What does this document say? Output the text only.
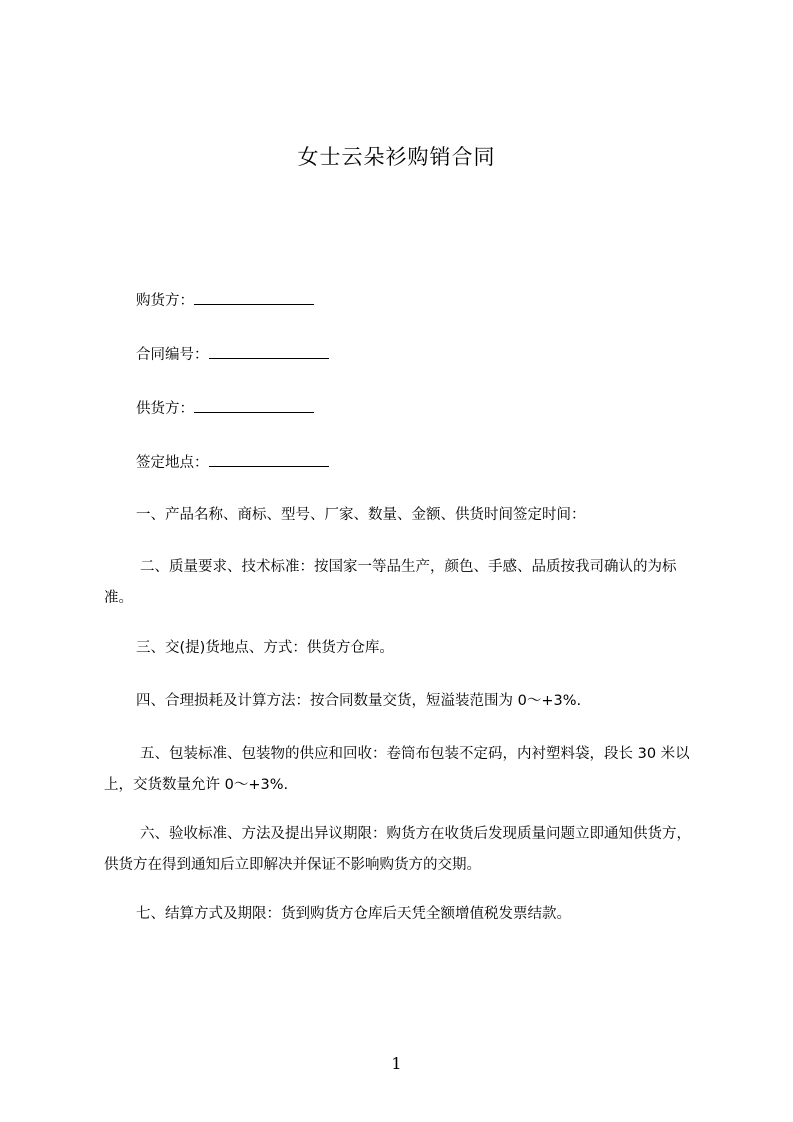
女士云朵衫购销合同
购货方：
合同编号：
供货方：
签定地点：
一、产品名称、商标、型号、厂家、数量、金额、供货时间签定时间：
二、质量要求、技术标准：按国家一等品生产，颜色、手感、品质按我司确认的为标准。
三、交(提)货地点、方式：供货方仓库。
四、合理损耗及计算方法：按合同数量交货，短溢装范围为 0～+3%.
五、包装标准、包装物的供应和回收：卷筒布包装不定码，内衬塑料袋，段长 30 米以上，交货数量允许 0～+3%.
六、验收标准、方法及提出异议期限：购货方在收货后发现质量问题立即通知供货方，供货方在得到通知后立即解决并保证不影响购货方的交期。
七、结算方式及期限：货到购货方仓库后天凭全额增值税发票结款。
1
